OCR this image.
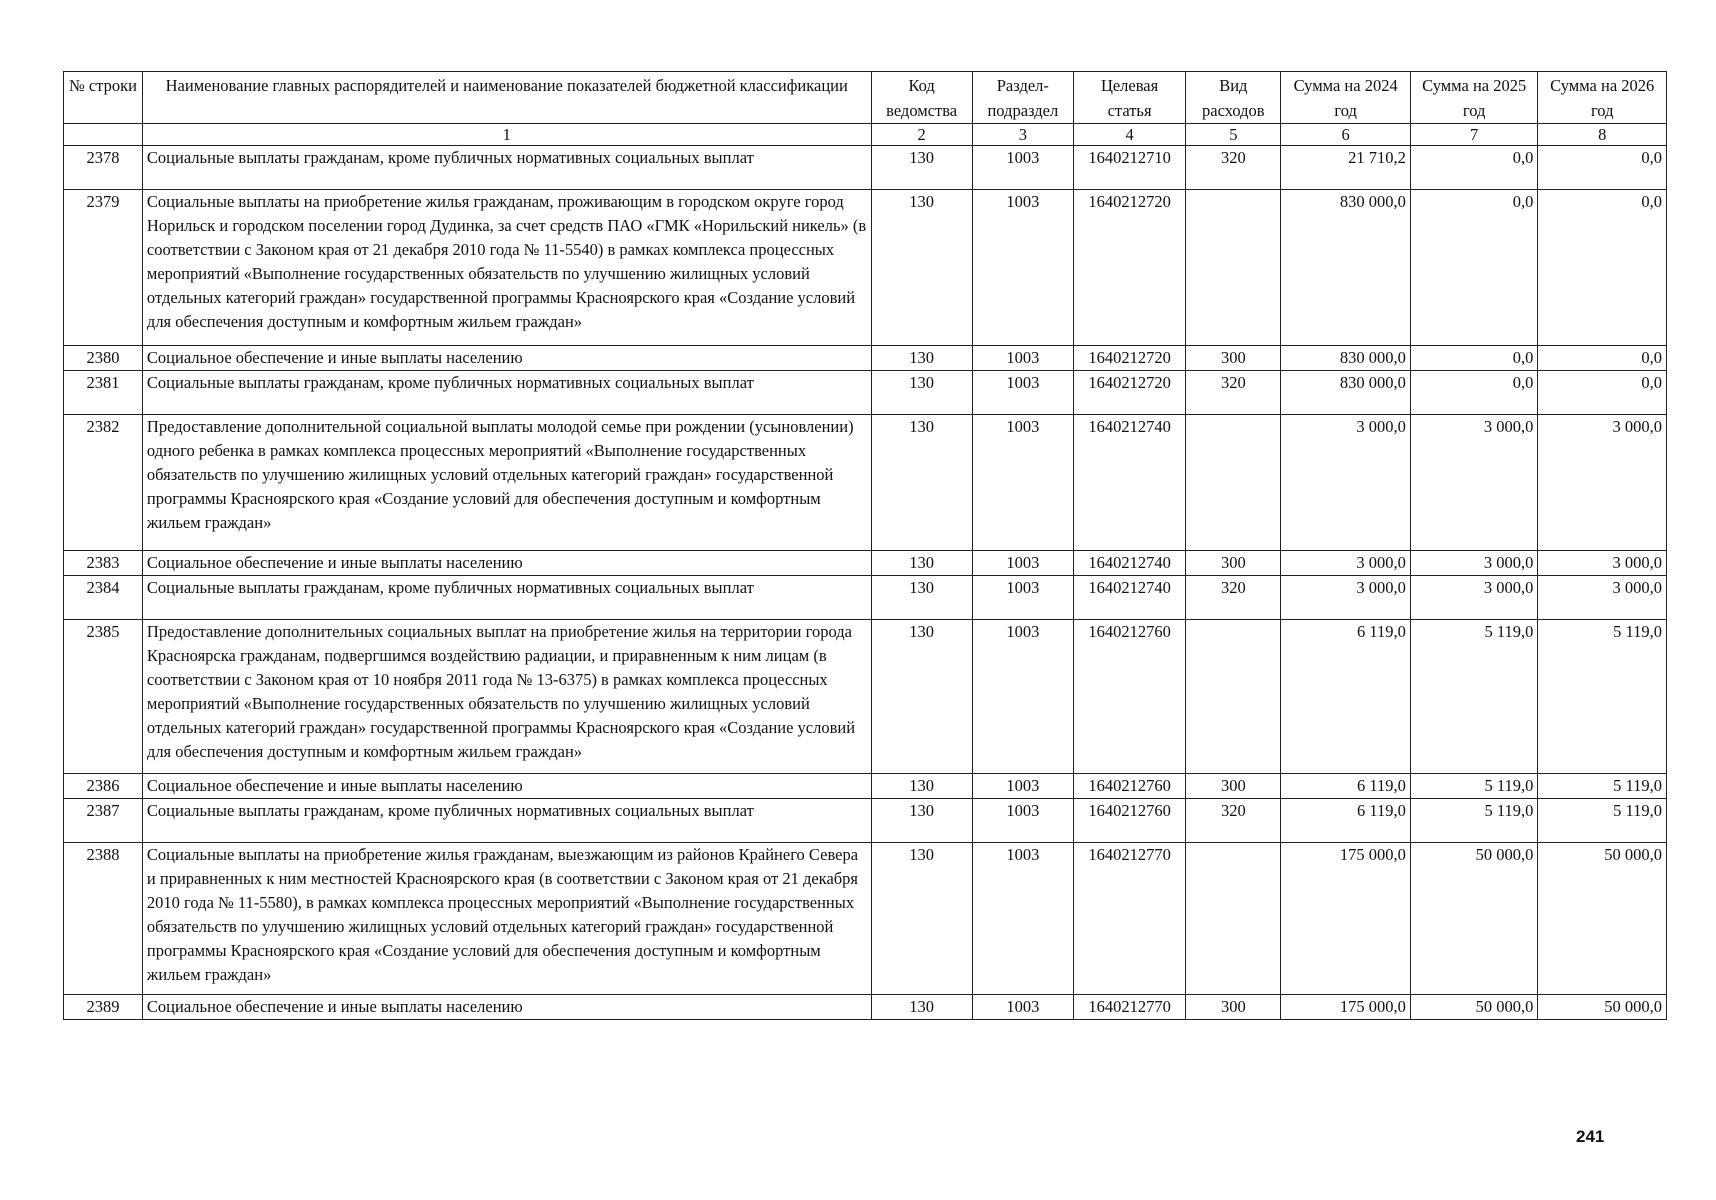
№ строки	Наименование главных распорядителей и наименование показателей бюджетной классификации	Код ведомства	Раздел-подраздел	Целевая статья	Вид расходов	Сумма на 2024 год	Сумма на 2025 год	Сумма на 2026 год
	1	2	3	4	5	6	7	8
2378	Социальные выплаты гражданам, кроме публичных нормативных социальных выплат	130	1003	1640212710	320	21 710,2	0,0	0,0
2379	Социальные выплаты на приобретение жилья гражданам, проживающим в городском округе город Норильск и городском поселении город Дудинка, за счет средств ПАО «ГМК «Норильский никель» (в соответствии с Законом края от 21 декабря 2010 года № 11-5540) в рамках комплекса процессных мероприятий «Выполнение государственных обязательств по улучшению жилищных условий отдельных категорий граждан» государственной программы Красноярского края «Создание условий для обеспечения доступным и комфортным жильем граждан»	130	1003	1640212720		830 000,0	0,0	0,0
2380	Социальное обеспечение и иные выплаты населению	130	1003	1640212720	300	830 000,0	0,0	0,0
2381	Социальные выплаты гражданам, кроме публичных нормативных социальных выплат	130	1003	1640212720	320	830 000,0	0,0	0,0
2382	Предоставление дополнительной социальной выплаты молодой семье при рождении (усыновлении) одного ребенка в рамках комплекса процессных мероприятий «Выполнение государственных обязательств по улучшению жилищных условий отдельных категорий граждан» государственной программы Красноярского края «Создание условий для обеспечения доступным и комфортным жильем граждан»	130	1003	1640212740		3 000,0	3 000,0	3 000,0
2383	Социальное обеспечение и иные выплаты населению	130	1003	1640212740	300	3 000,0	3 000,0	3 000,0
2384	Социальные выплаты гражданам, кроме публичных нормативных социальных выплат	130	1003	1640212740	320	3 000,0	3 000,0	3 000,0
2385	Предоставление дополнительных социальных выплат на приобретение жилья на территории города Красноярска гражданам, подвергшимся воздействию радиации, и приравненным к ним лицам (в соответствии с Законом края от 10 ноября 2011 года № 13-6375) в рамках комплекса процессных мероприятий «Выполнение государственных обязательств по улучшению жилищных условий отдельных категорий граждан» государственной программы Красноярского края «Создание условий для обеспечения доступным и комфортным жильем граждан»	130	1003	1640212760		6 119,0	5 119,0	5 119,0
2386	Социальное обеспечение и иные выплаты населению	130	1003	1640212760	300	6 119,0	5 119,0	5 119,0
2387	Социальные выплаты гражданам, кроме публичных нормативных социальных выплат	130	1003	1640212760	320	6 119,0	5 119,0	5 119,0
2388	Социальные выплаты на приобретение жилья гражданам, выезжающим из районов Крайнего Севера и приравненных к ним местностей Красноярского края (в соответствии с Законом края от 21 декабря 2010 года № 11-5580), в рамках комплекса процессных мероприятий «Выполнение государственных обязательств по улучшению жилищных условий отдельных категорий граждан» государственной программы Красноярского края «Создание условий для обеспечения доступным и комфортным жильем граждан»	130	1003	1640212770		175 000,0	50 000,0	50 000,0
2389	Социальное обеспечение и иные выплаты населению	130	1003	1640212770	300	175 000,0	50 000,0	50 000,0
241
